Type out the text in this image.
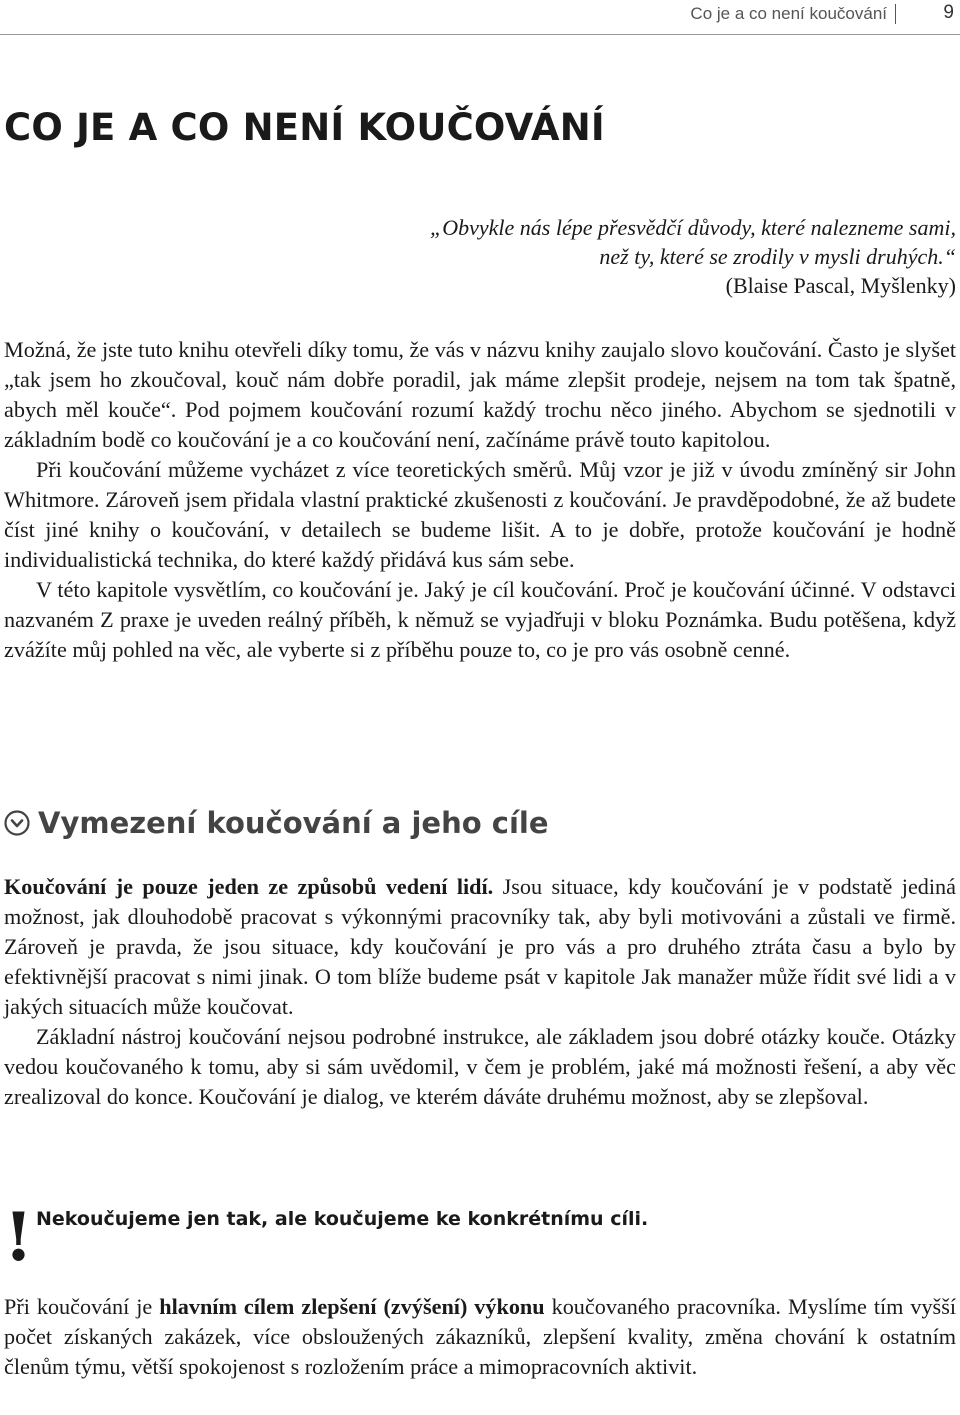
Co je a co není koučování	9
CO JE A CO NENÍ KOUČOVÁNÍ
„Obvykle nás lépe přesvědčí důvody, které nalezneme sami,
než ty, které se zrodily v mysli druhých.“
(Blaise Pascal, Myšlenky)

Možná, že jste tuto knihu otevřeli díky tomu, že vás v názvu knihy zaujalo slovo koučování. Často je slyšet „tak jsem ho zkoučoval, kouč nám dobře poradil, jak máme zlepšit prodeje, nejsem na tom tak špatně, abych měl kouče“. Pod pojmem koučování rozumí každý trochu něco jiného. Abychom se sjednotili v základním bodě co koučování je a co koučování není, začínáme právě touto kapitolou.

Při koučování můžeme vycházet z více teoretických směrů. Můj vzor je již v úvodu zmíněný sir John Whitmore. Zároveň jsem přidala vlastní praktické zkušenosti z koučování. Je pravděpodobné, že až budete číst jiné knihy o koučování, v detailech se budeme lišit. A to je dobře, protože koučování je hodně individualistická technika, do které každý přidává kus sám sebe.

V této kapitole vysvětlím, co koučování je. Jaký je cíl koučování. Proč je koučování účinné. V odstavci nazvaném Z praxe je uveden reálný příběh, k němuž se vyjadřuji v bloku Poznámka. Budu potěšena, když zvážíte můj pohled na věc, ale vyberte si z příběhu pouze to, co je pro vás osobně cenné.

Vymezení koučování a jeho cíle

Koučování je pouze jeden ze způsobů vedení lidí. Jsou situace, kdy koučování je v podstatě jediná možnost, jak dlouhodobě pracovat s výkonnými pracovníky tak, aby byli motivováni a zůstali ve firmě. Zároveň je pravda, že jsou situace, kdy koučování je pro vás a pro druhého ztráta času a bylo by efektivnější pracovat s nimi jinak. O tom blíže budeme psát v kapitole Jak manažer může řídit své lidi a v jakých situacích může koučovat.

Základní nástroj koučování nejsou podrobné instrukce, ale základem jsou dobré otázky kouče. Otázky vedou koučovaného k tomu, aby si sám uvědomil, v čem je problém, jaké má možnosti řešení, a aby věc zrealizoval do konce. Koučování je dialog, ve kterém dáváte druhému možnost, aby se zlepšoval.

! Nekoučujeme jen tak, ale koučujeme ke konkrétnímu cíli.

Při koučování je hlavním cílem zlepšení (zvýšení) výkonu koučovaného pracovníka. Myslíme tím vyšší počet získaných zakázek, více obsloužených zákazníků, zlepšení kvality, změna chování k ostatním členům týmu, větší spokojenost s rozložením práce a mimopracovních aktivit.
